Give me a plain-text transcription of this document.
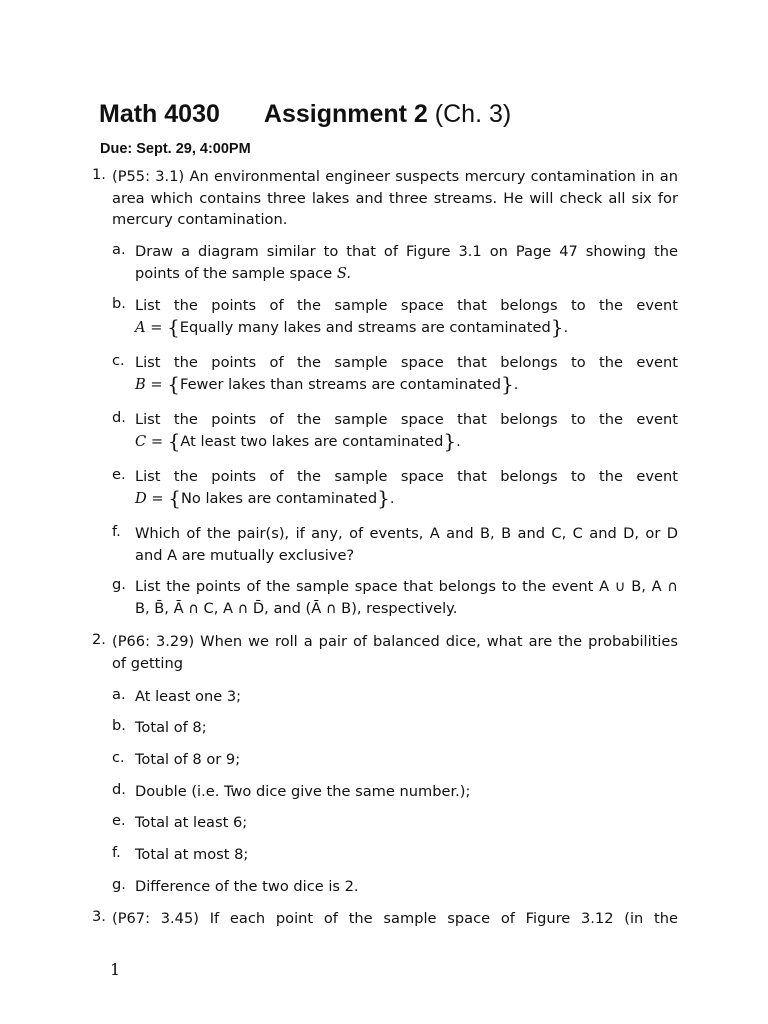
Math 4030 Assignment 2 (Ch. 3)
Due: Sept. 29, 4:00PM
1. (P55: 3.1) An environmental engineer suspects mercury contamination in an area which contains three lakes and three streams. He will check all six for mercury contamination.
a. Draw a diagram similar to that of Figure 3.1 on Page 47 showing the points of the sample space S.
b. List the points of the sample space that belongs to the event
A = {Equally many lakes and streams are contaminated}.
c. List the points of the sample space that belongs to the event
B = {Fewer lakes than streams are contaminated}.
d. List the points of the sample space that belongs to the event
C = {At least two lakes are contaminated}.
e. List the points of the sample space that belongs to the event
D = {No lakes are contaminated}.
f. Which of the pair(s), if any, of events, A and B, B and C, C and D, or D and A are mutually exclusive?
g. List the points of the sample space that belongs to the event A ∪ B, A ∩ B, B̄, Ā ∩ C, A ∩ D̄, and (Ā ∩ B), respectively.
2. (P66: 3.29) When we roll a pair of balanced dice, what are the probabilities of getting
a. At least one 3;
b. Total of 8;
c. Total of 8 or 9;
d. Double (i.e. Two dice give the same number.);
e. Total at least 6;
f. Total at most 8;
g. Difference of the two dice is 2.
3. (P67: 3.45) If each point of the sample space of Figure 3.12 (in the
1
